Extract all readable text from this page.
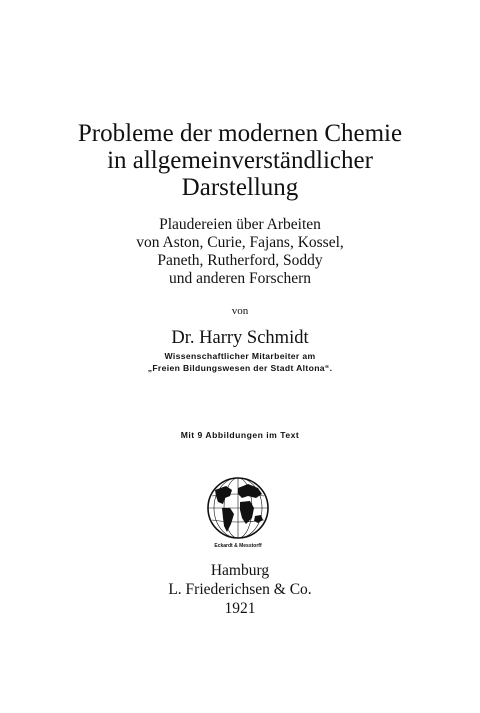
Probleme der modernen Chemie
in allgemeinverständlicher
Darstellung
Plaudereien über Arbeiten
von Aston, Curie, Fajans, Kossel,
Paneth, Rutherford, Soddy
und anderen Forschern
von
Dr. Harry Schmidt
Wissenschaftlicher Mitarbeiter am
„Freien Bildungswesen der Stadt Altona“.
Mit 9 Abbildungen im Text
Eckardt & Messtorff
Hamburg
L. Friederichsen & Co.
1921
